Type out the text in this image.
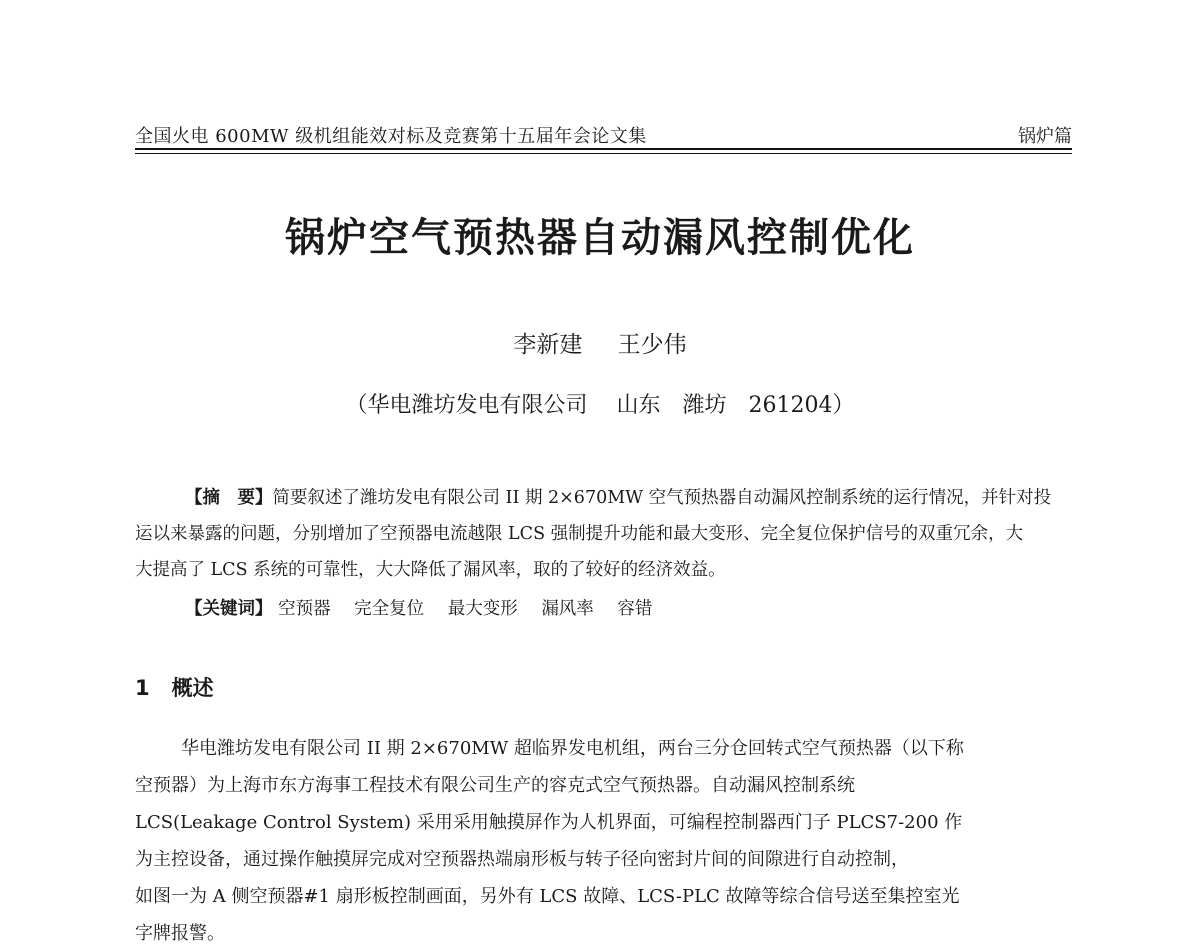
全国火电 600MW 级机组能效对标及竞赛第十五届年会论文集	锅炉篇
锅炉空气预热器自动漏风控制优化
李新建 王少伟
（华电潍坊发电有限公司　 山东　潍坊　261204）
【摘　要】简要叙述了潍坊发电有限公司 II 期 2×670MW 空气预热器自动漏风控制系统的运行情况，并针对投
运以来暴露的问题，分别增加了空预器电流越限 LCS 强制提升功能和最大变形、完全复位保护信号的双重冗余，大
大提高了 LCS 系统的可靠性，大大降低了漏风率，取的了较好的经济效益。
【关键词】 空预器 完全复位 最大变形 漏风率 容错
1 概述
华电潍坊发电有限公司 II 期 2×670MW 超临界发电机组，两台三分仓回转式空气预热器（以下称
空预器）为上海市东方海事工程技术有限公司生产的容克式空气预热器。自动漏风控制系统
LCS(Leakage Control System) 采用采用触摸屏作为人机界面，可编程控制器西门子 PLCS7-200 作
为主控设备，通过操作触摸屏完成对空预器热端扇形板与转子径向密封片间的间隙进行自动控制，
如图一为 A 侧空预器#1 扇形板控制画面，另外有 LCS 故障、LCS-PLC 故障等综合信号送至集控室光
字牌报警。
